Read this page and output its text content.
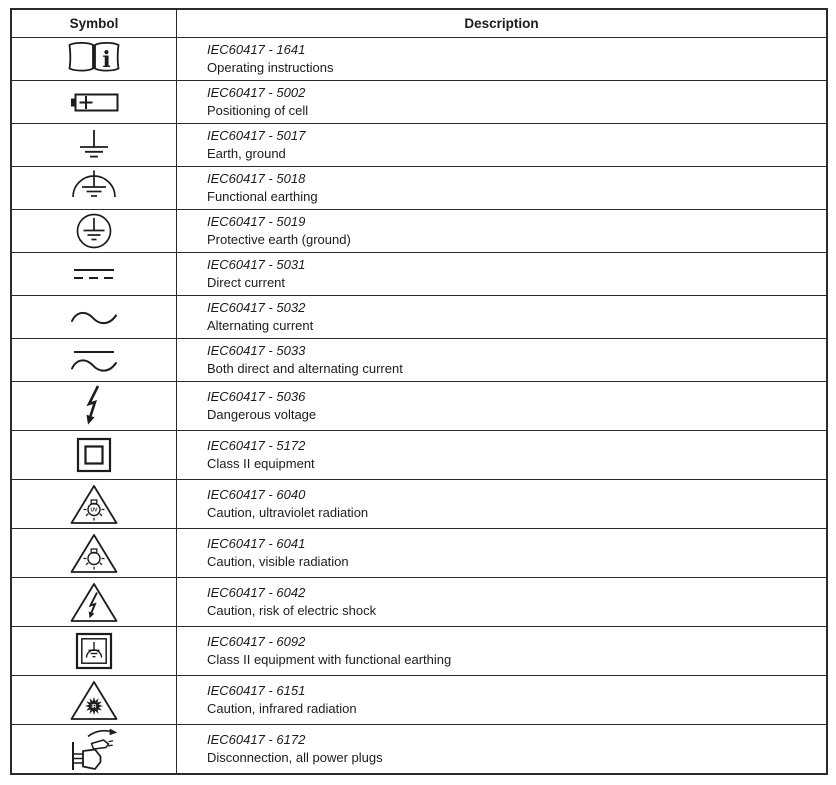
Symbol	Description
i	IEC60417 - 1641
Operating instructions
IEC60417 - 5002
Positioning of cell
IEC60417 - 5017
Earth, ground
IEC60417 - 5018
Functional earthing
IEC60417 - 5019
Protective earth (ground)
IEC60417 - 5031
Direct current
IEC60417 - 5032
Alternating current
IEC60417 - 5033
Both direct and alternating current
IEC60417 - 5036
Dangerous voltage
IEC60417 - 5172
Class II equipment
UV
IEC60417 - 6040
Caution, ultraviolet radiation
IEC60417 - 6041
Caution, visible radiation
IEC60417 - 6042
Caution, risk of electric shock
IEC60417 - 6092
Class II equipment with functional earthing
IR
IEC60417 - 6151
Caution, infrared radiation
IEC60417 - 6172
Disconnection, all power plugs
